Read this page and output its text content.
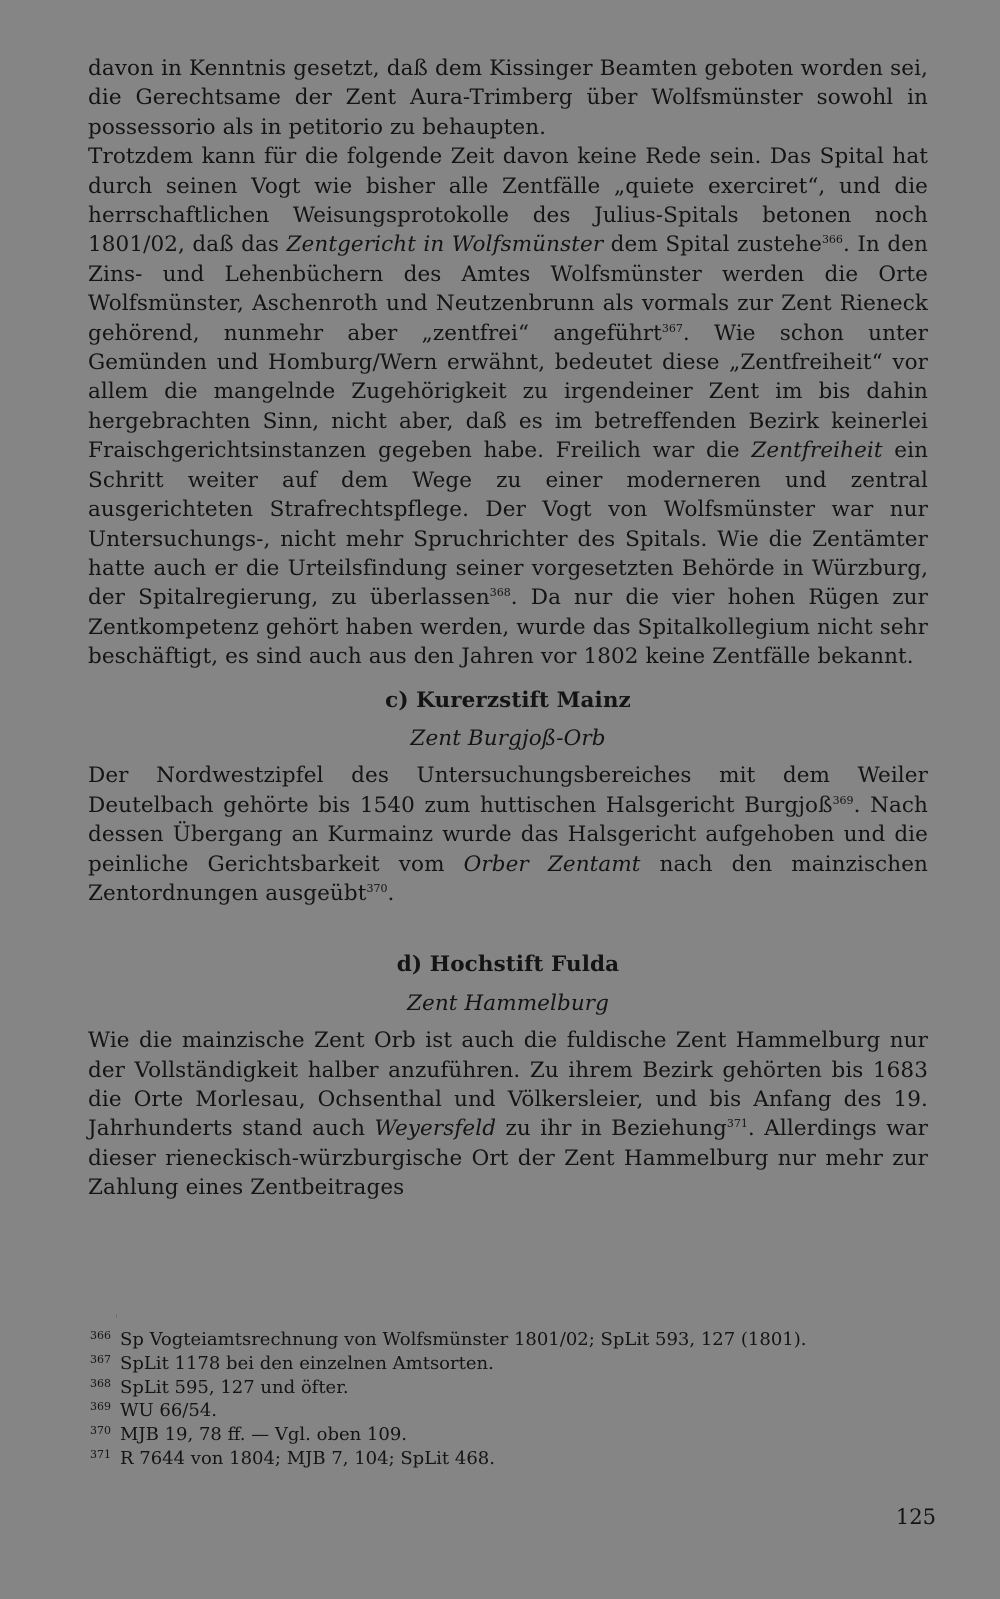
davon in Kenntnis gesetzt, daß dem Kissinger Beamten geboten worden sei, die Gerechtsame der Zent Aura-Trimberg über Wolfsmünster sowohl in possessorio als in petitorio zu behaupten.

Trotzdem kann für die folgende Zeit davon keine Rede sein. Das Spital hat durch seinen Vogt wie bisher alle Zentfälle „quiete exerciret“, und die herrschaftlichen Weisungsprotokolle des Julius-Spitals betonen noch 1801/02, daß das Zentgericht in Wolfsmünster dem Spital zustehe$^{366}$. In den Zins- und Lehenbüchern des Amtes Wolfsmünster werden die Orte Wolfsmünster, Aschenroth und Neutzenbrunn als vormals zur Zent Rieneck gehörend, nunmehr aber „zentfrei“ angeführt$^{367}$. Wie schon unter Gemünden und Homburg/Wern erwähnt, bedeutet diese „Zentfreiheit“ vor allem die mangelnde Zugehörigkeit zu irgendeiner Zent im bis dahin hergebrachten Sinn, nicht aber, daß es im betreffenden Bezirk keinerlei Fraischgerichtsinstanzen gegeben habe. Freilich war die Zentfreiheit ein Schritt weiter auf dem Wege zu einer moderneren und zentral ausgerichteten Strafrechtspflege. Der Vogt von Wolfsmünster war nur Untersuchungs-, nicht mehr Spruchrichter des Spitals. Wie die Zentämter hatte auch er die Urteilsfindung seiner vorgesetzten Behörde in Würzburg, der Spitalregierung, zu überlassen$^{368}$. Da nur die vier hohen Rügen zur Zentkompetenz gehört haben werden, wurde das Spitalkollegium nicht sehr beschäftigt, es sind auch aus den Jahren vor 1802 keine Zentfälle bekannt.

c) Kurerzstift Mainz
Zent Burgjoß-Orb

Der Nordwestzipfel des Untersuchungsbereiches mit dem Weiler Deutelbach gehörte bis 1540 zum huttischen Halsgericht Burgjoß$^{369}$. Nach dessen Übergang an Kurmainz wurde das Halsgericht aufgehoben und die peinliche Gerichtsbarkeit vom Orber Zentamt nach den mainzischen Zentordnungen ausgeübt$^{370}$.

d) Hochstift Fulda
Zent Hammelburg

Wie die mainzische Zent Orb ist auch die fuldische Zent Hammelburg nur der Vollständigkeit halber anzuführen. Zu ihrem Bezirk gehörten bis 1683 die Orte Morlesau, Ochsenthal und Völkersleier, und bis Anfang des 19. Jahrhunderts stand auch Weyersfeld zu ihr in Beziehung$^{371}$. Allerdings war dieser rieneckisch-würzburgische Ort der Zent Hammelburg nur mehr zur Zahlung eines Zentbeitrages

366 Sp Vogteiamtsrechnung von Wolfsmünster 1801/02; SpLit 593, 127 (1801).
367 SpLit 1178 bei den einzelnen Amtsorten.
368 SpLit 595, 127 und öfter.
369 WU 66/54.
370 MJB 19, 78 ff. — Vgl. oben 109.
371 R 7644 von 1804; MJB 7, 104; SpLit 468.
125
